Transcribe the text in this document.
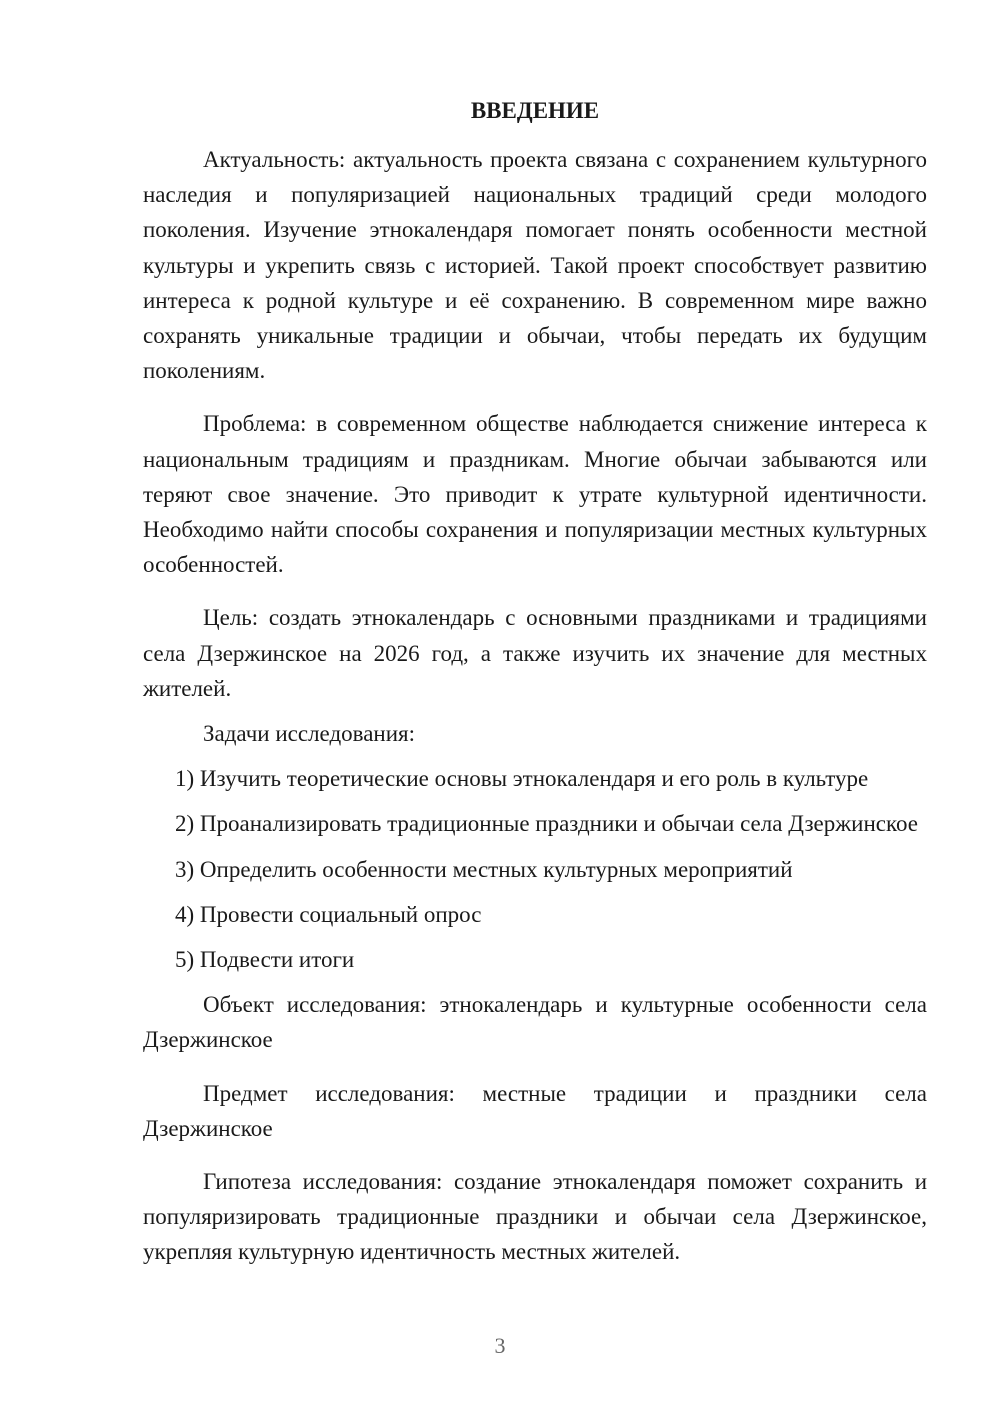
ВВЕДЕНИЕ

Актуальность: актуальность проекта связана с сохранением культурного наследия и популяризацией национальных традиций среди молодого поколения. Изучение этнокалендаря помогает понять особенности местной культуры и укрепить связь с историей. Такой проект способствует развитию интереса к родной культуре и её сохранению. В современном мире важно сохранять уникальные традиции и обычаи, чтобы передать их будущим поколениям.

Проблема: в современном обществе наблюдается снижение интереса к национальным традициям и праздникам. Многие обычаи забываются или теряют свое значение. Это приводит к утрате культурной идентичности. Необходимо найти способы сохранения и популяризации местных культурных особенностей.

Цель: создать этнокалендарь с основными праздниками и традициями села Дзержинское на 2026 год, а также изучить их значение для местных жителей.

Задачи исследования:

1) Изучить теоретические основы этнокалендаря и его роль в культуре

2) Проанализировать традиционные праздники и обычаи села Дзержинское

3) Определить особенности местных культурных мероприятий

4) Провести социальный опрос

5) Подвести итоги

Объект исследования: этнокалендарь и культурные особенности села Дзержинское

Предмет исследования: местные традиции и праздники села Дзержинское

Гипотеза исследования: создание этнокалендаря поможет сохранить и популяризировать традиционные праздники и обычаи села Дзержинское, укрепляя культурную идентичность местных жителей.

3
